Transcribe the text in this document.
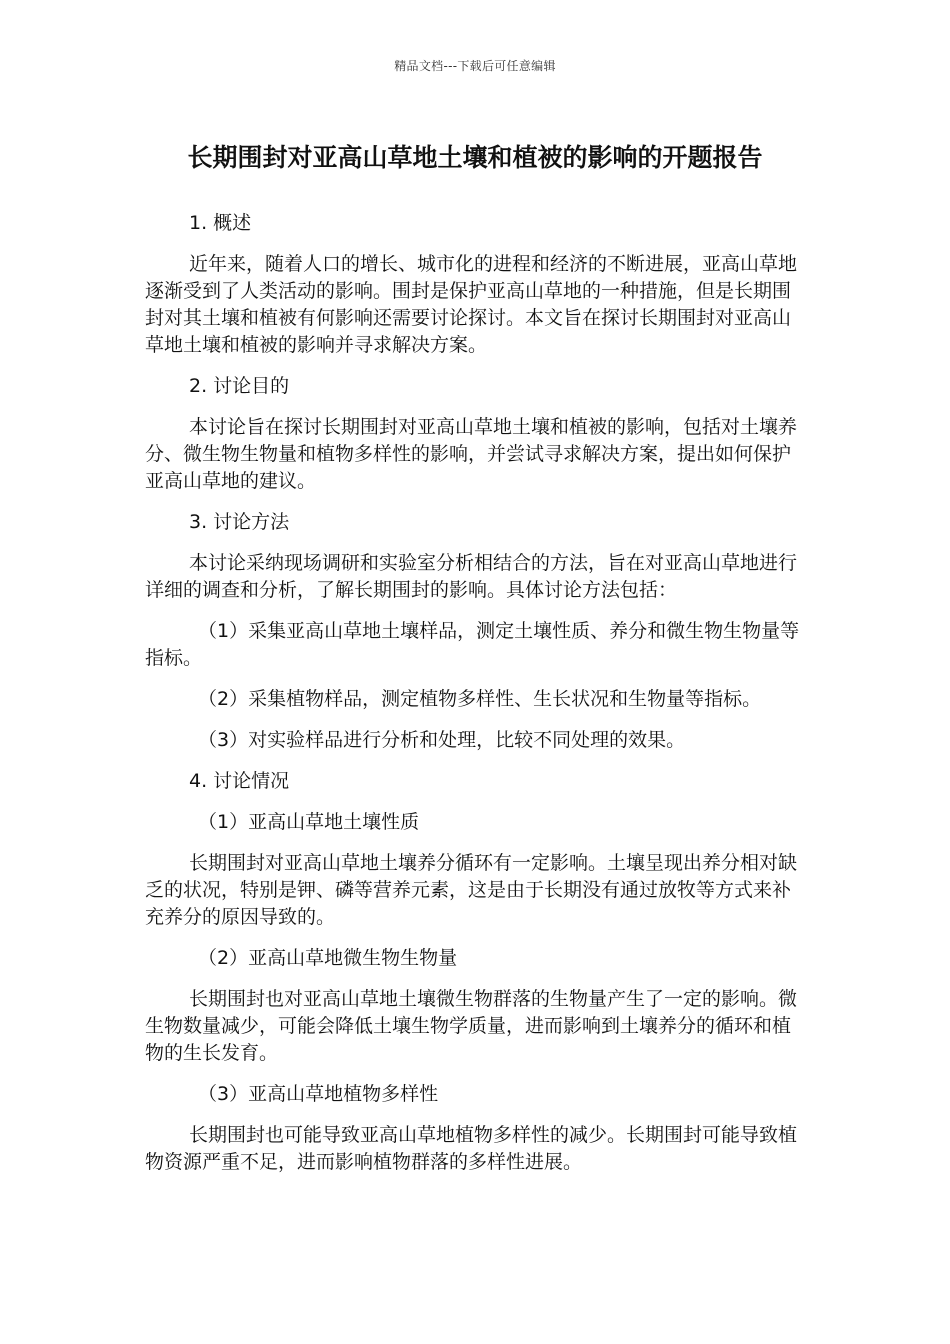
精品文档---下载后可任意编辑
长期围封对亚高山草地土壤和植被的影响的开题报告
1. 概述
近年来，随着人口的增长、城市化的进程和经济的不断进展，亚高山草地逐渐受到了人类活动的影响。围封是保护亚高山草地的一种措施，但是长期围封对其土壤和植被有何影响还需要讨论探讨。本文旨在探讨长期围封对亚高山草地土壤和植被的影响并寻求解决方案。
2. 讨论目的
本讨论旨在探讨长期围封对亚高山草地土壤和植被的影响，包括对土壤养分、微生物生物量和植物多样性的影响，并尝试寻求解决方案，提出如何保护亚高山草地的建议。
3. 讨论方法
本讨论采纳现场调研和实验室分析相结合的方法，旨在对亚高山草地进行详细的调查和分析，了解长期围封的影响。具体讨论方法包括：
（1）采集亚高山草地土壤样品，测定土壤性质、养分和微生物生物量等指标。
（2）采集植物样品，测定植物多样性、生长状况和生物量等指标。
（3）对实验样品进行分析和处理，比较不同处理的效果。
4. 讨论情况
（1）亚高山草地土壤性质
长期围封对亚高山草地土壤养分循环有一定影响。土壤呈现出养分相对缺乏的状况，特别是钾、磷等营养元素，这是由于长期没有通过放牧等方式来补充养分的原因导致的。
（2）亚高山草地微生物生物量
长期围封也对亚高山草地土壤微生物群落的生物量产生了一定的影响。微生物数量减少，可能会降低土壤生物学质量，进而影响到土壤养分的循环和植物的生长发育。
（3）亚高山草地植物多样性
长期围封也可能导致亚高山草地植物多样性的减少。长期围封可能导致植物资源严重不足，进而影响植物群落的多样性进展。
